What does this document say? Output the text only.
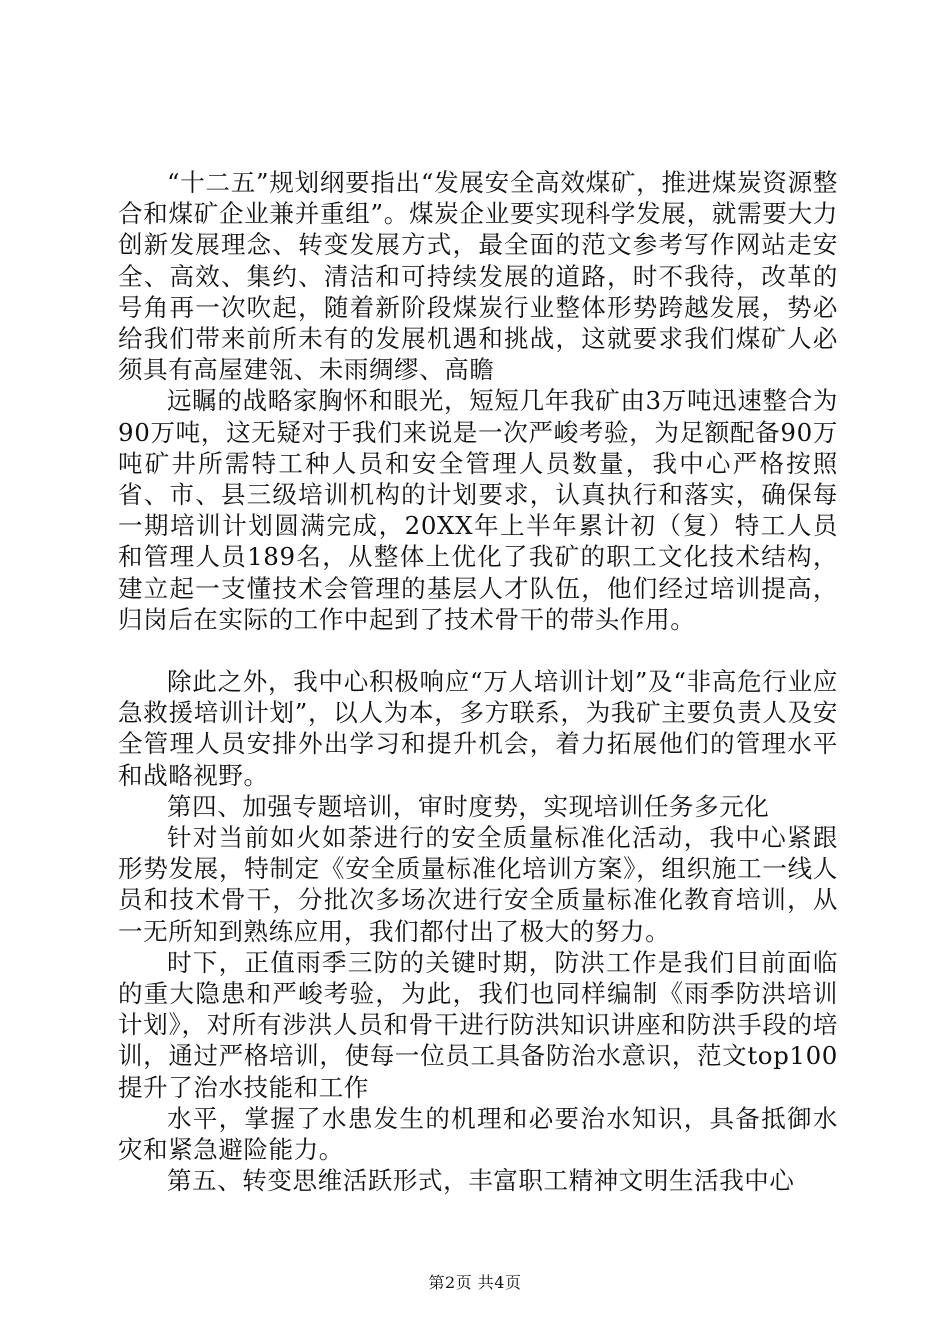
“十二五”规划纲要指出“发展安全高效煤矿，推进煤炭资源整合和煤矿企业兼并重组”。煤炭企业要实现科学发展，就需要大力创新发展理念、转变发展方式，最全面的范文参考写作网站走安全、高效、集约、清洁和可持续发展的道路，时不我待，改革的号角再一次吹起，随着新阶段煤炭行业整体形势跨越发展，势必给我们带来前所未有的发展机遇和挑战，这就要求我们煤矿人必须具有高屋建瓴、未雨绸缪、高瞻

远瞩的战略家胸怀和眼光，短短几年我矿由3万吨迅速整合为90万吨，这无疑对于我们来说是一次严峻考验，为足额配备90万吨矿井所需特工种人员和安全管理人员数量，我中心严格按照省、市、县三级培训机构的计划要求，认真执行和落实，确保每一期培训计划圆满完成，20XX年上半年累计初（复）特工人员和管理人员189名，从整体上优化了我矿的职工文化技术结构，建立起一支懂技术会管理的基层人才队伍，他们经过培训提高，归岗后在实际的工作中起到了技术骨干的带头作用。

除此之外，我中心积极响应“万人培训计划”及“非高危行业应急救援培训计划”，以人为本，多方联系，为我矿主要负责人及安全管理人员安排外出学习和提升机会，着力拓展他们的管理水平和战略视野。

第四、加强专题培训，审时度势，实现培训任务多元化

针对当前如火如荼进行的安全质量标准化活动，我中心紧跟形势发展，特制定《安全质量标准化培训方案》，组织施工一线人员和技术骨干，分批次多场次进行安全质量标准化教育培训，从一无所知到熟练应用，我们都付出了极大的努力。

时下，正值雨季三防的关键时期，防洪工作是我们目前面临的重大隐患和严峻考验，为此，我们也同样编制《雨季防洪培训计划》，对所有涉洪人员和骨干进行防洪知识讲座和防洪手段的培训，通过严格培训，使每一位员工具备防治水意识，范文top100提升了治水技能和工作

水平，掌握了水患发生的机理和必要治水知识，具备抵御水灾和紧急避险能力。

第五、转变思维活跃形式，丰富职工精神文明生活我中心

第2页 共4页
